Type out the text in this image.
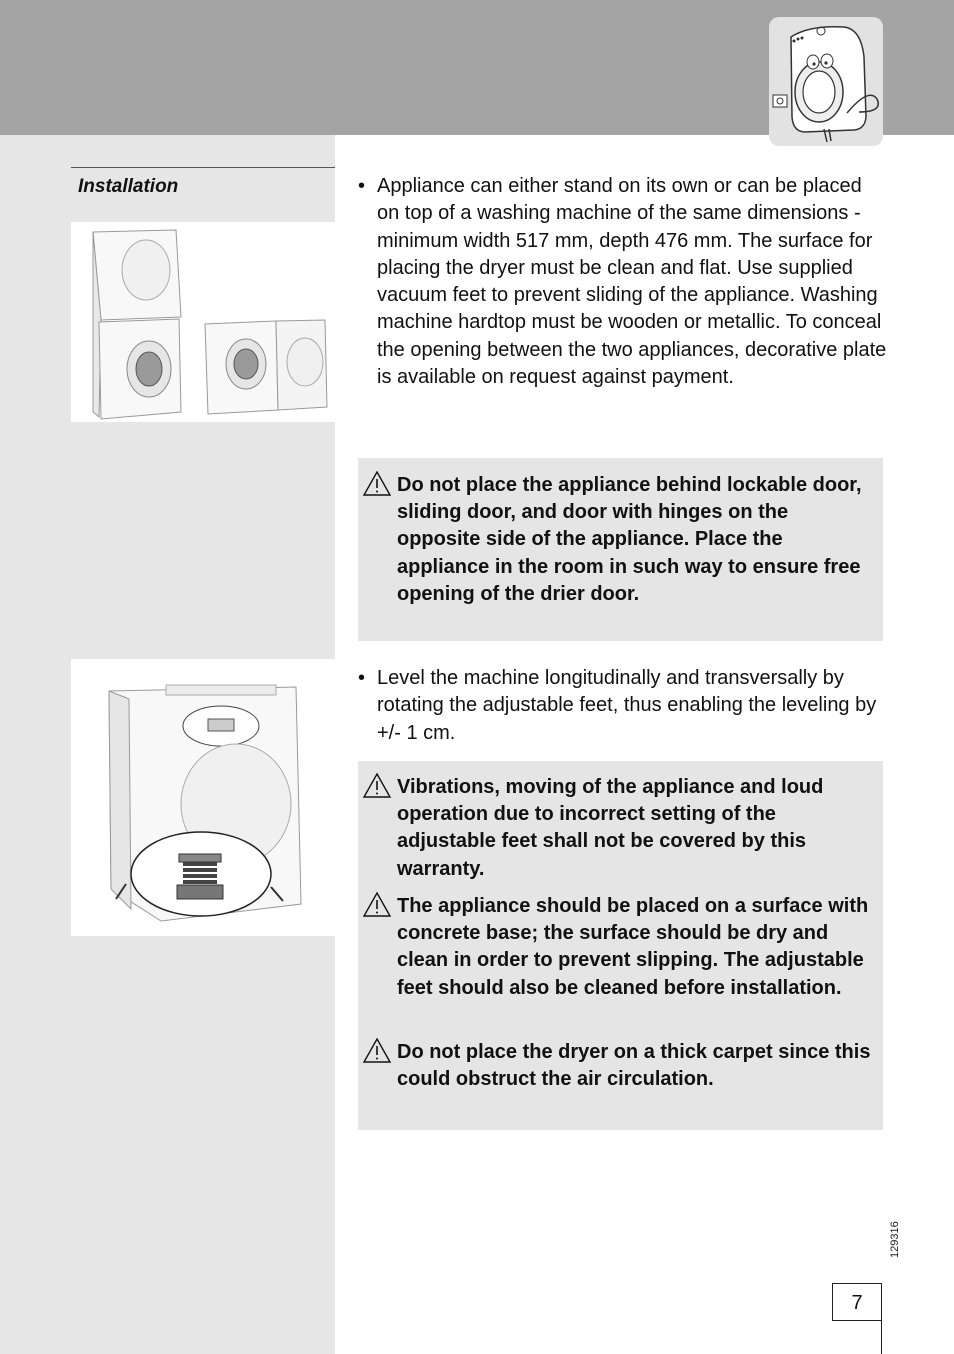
Installation	• Appliance can either stand on its own or can be placed on top of a washing machine of the same dimensions - minimum width 517 mm, depth 476 mm. The surface for placing the dryer must be clean and flat. Use supplied vacuum feet to prevent sliding of the appliance. Washing machine hardtop must be wooden or metallic. To conceal the opening between the two appliances, decorative plate is available on request against payment.
Do not place the appliance behind lockable door, sliding door, and door with hinges on the opposite side of the appliance. Place the appliance in the room in such way to ensure free opening of the drier door.
• Level the machine longitudinally and transversally by rotating the adjustable feet, thus enabling the leveling by +/- 1 cm.
Vibrations, moving of the appliance and loud operation due to incorrect setting of the adjustable feet shall not be covered by this warranty.
The appliance should be placed on a surface with concrete base; the surface should be dry and clean in order to prevent slipping. The adjustable feet should also be cleaned before installation.
Do not place the dryer on a thick carpet since this could obstruct the air circulation.
129316
7
